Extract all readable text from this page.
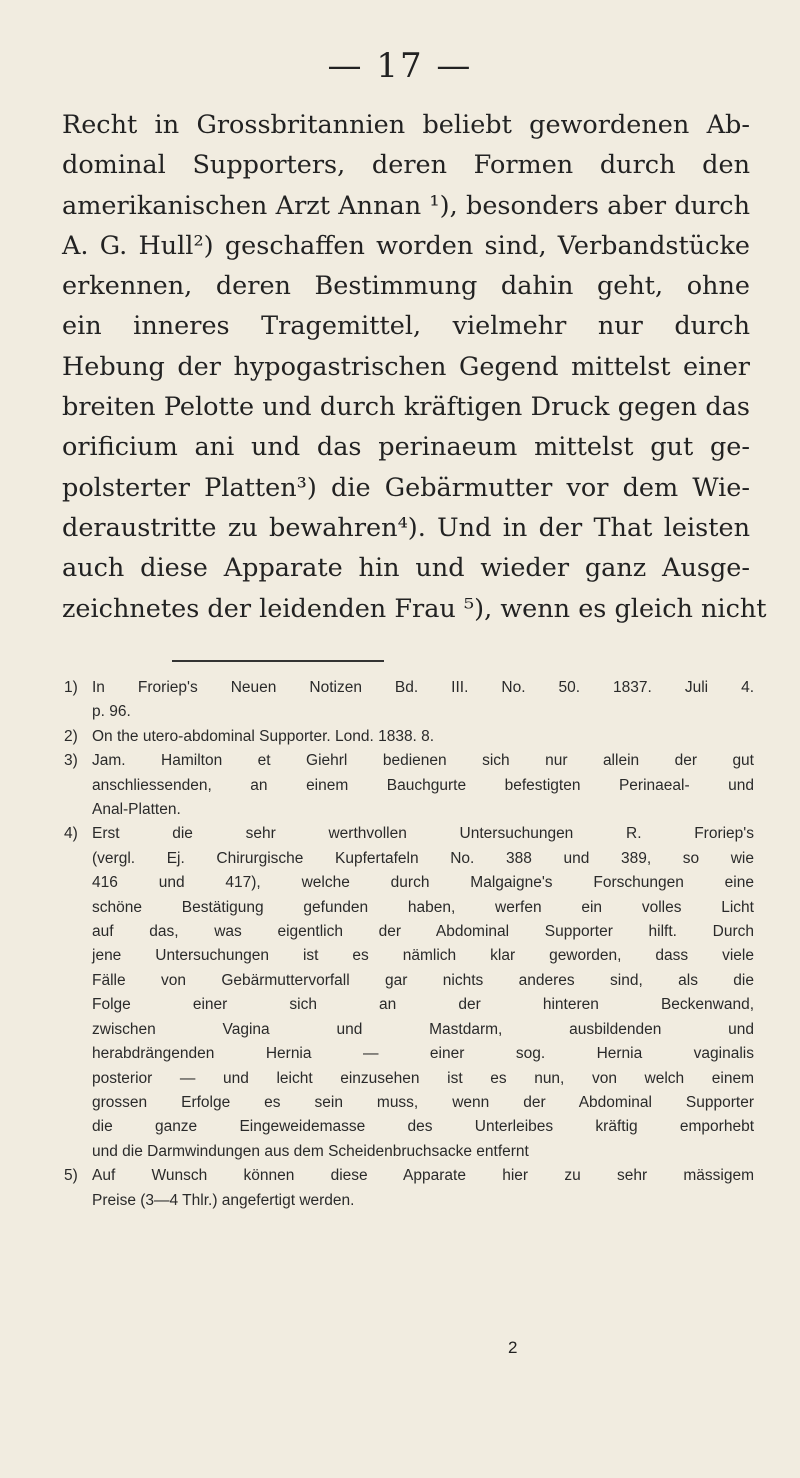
— 17 —
Recht in Grossbritannien beliebt gewordenen Ab-
dominal Supporters, deren Formen durch den
amerikanischen Arzt Annan ¹), besonders aber durch
A. G. Hull²) geschaffen worden sind, Verbandstücke
erkennen, deren Bestimmung dahin geht, ohne
ein inneres Tragemittel, vielmehr nur durch
Hebung der hypogastrischen Gegend mittelst einer
breiten Pelotte und durch kräftigen Druck gegen das
orificium ani und das perinaeum mittelst gut ge-
polsterter Platten³) die Gebärmutter vor dem Wie-
deraustritte zu bewahren⁴). Und in der That leisten
auch diese Apparate hin und wieder ganz Ausge-
zeichnetes der leidenden Frau ⁵), wenn es gleich nicht
1) In Froriep's Neuen Notizen Bd. III. No. 50. 1837. Juli 4.
p. 96.
2) On the utero-abdominal Supporter. Lond. 1838. 8.
3) Jam. Hamilton et Giehrl bedienen sich nur allein der gut
anschliessenden, an einem Bauchgurte befestigten Perinaeal- und
Anal-Platten.
4) Erst die sehr werthvollen Untersuchungen R. Froriep's
(vergl. Ej. Chirurgische Kupfertafeln No. 388 und 389, so wie
416 und 417), welche durch Malgaigne's Forschungen eine
schöne Bestätigung gefunden haben, werfen ein volles Licht
auf das, was eigentlich der Abdominal Supporter hilft. Durch
jene Untersuchungen ist es nämlich klar geworden, dass viele
Fälle von Gebärmuttervorfall gar nichts anderes sind, als die
Folge einer sich an der hinteren Beckenwand,
zwischen Vagina und Mastdarm, ausbildenden und
herabdrängenden Hernia — einer sog. Hernia vaginalis
posterior — und leicht einzusehen ist es nun, von welch einem
grossen Erfolge es sein muss, wenn der Abdominal Supporter
die ganze Eingeweidemasse des Unterleibes kräftig emporhebt
und die Darmwindungen aus dem Scheidenbruchsacke entfernt
5) Auf Wunsch können diese Apparate hier zu sehr mässigem
Preise (3—4 Thlr.) angefertigt werden.
2
